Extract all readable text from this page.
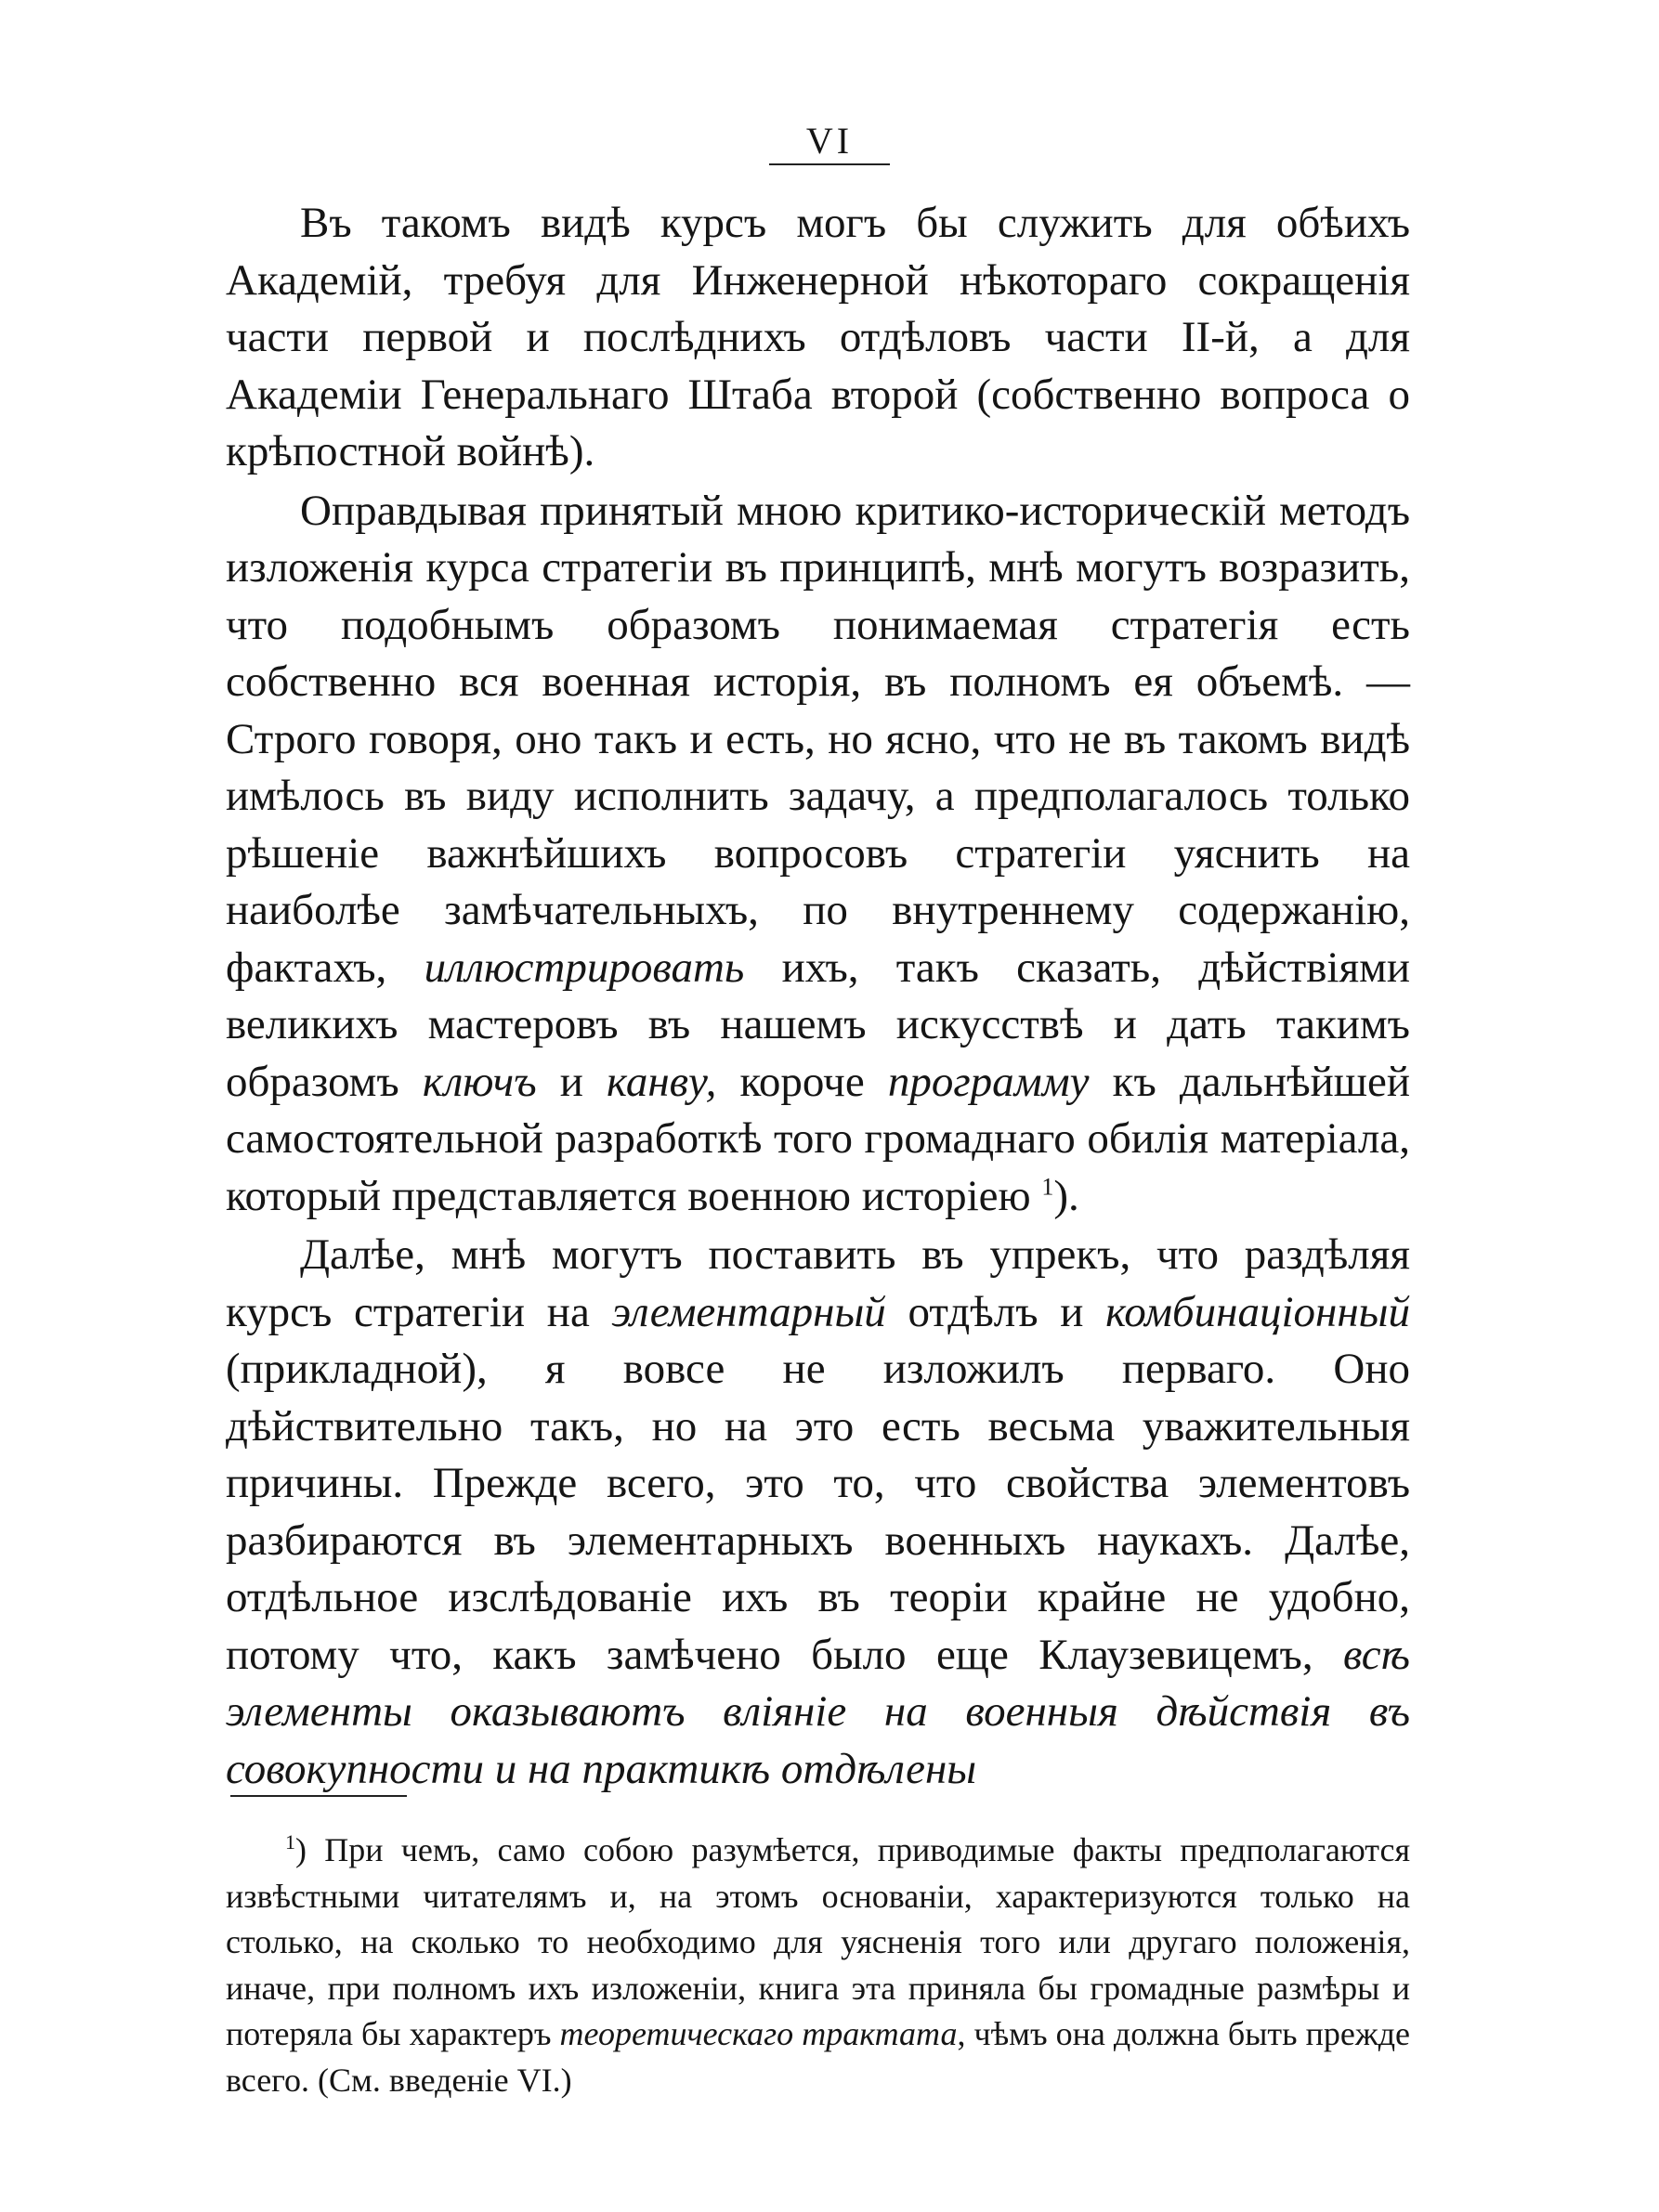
VI

Въ такомъ видѣ курсъ могъ бы служить для обѣихъ Академій, требуя для Инженерной нѣкотораго сокращенія части первой и послѣднихъ отдѣловъ части II-й, а для Академіи Генеральнаго Штаба второй (собственно вопроса о крѣпостной войнѣ).

Оправдывая принятый мною критико-историческій методъ изложенія курса стратегіи въ принципѣ, мнѣ могутъ возразить, что подобнымъ образомъ понимаемая стратегія есть собственно вся военная исторія, въ полномъ ея объемѣ. — Строго говоря, оно такъ и есть, но ясно, что не въ такомъ видѣ имѣлось въ виду исполнить задачу, а предполагалось только рѣшеніе важнѣйшихъ вопросовъ стратегіи уяснить на наиболѣе замѣчательныхъ, по внутреннему содержанію, фактахъ, иллюстрировать ихъ, такъ сказать, дѣйствіями великихъ мастеровъ въ нашемъ искусствѣ и дать такимъ образомъ ключъ и канву, короче программу къ дальнѣйшей самостоятельной разработкѣ того громаднаго обилія матеріала, который представляется военною исторіею $^1$).

Далѣе, мнѣ могутъ поставить въ упрекъ, что раздѣляя курсъ стратегіи на элементарный отдѣлъ и комбинаціонный (прикладной), я вовсе не изложилъ перваго. Оно дѣйствительно такъ, но на это есть весьма уважительныя причины. Прежде всего, это то, что свойства элементовъ разбираются въ элементарныхъ военныхъ наукахъ. Далѣе, отдѣльное изслѣдованіе ихъ въ теоріи крайне не удобно, потому что, какъ замѣчено было еще Клаузевицемъ, всѣ элементы оказываютъ вліяніе на военныя дѣйствія въ совокупности и на практикѣ отдѣлены

$^1$) При чемъ, само собою разумѣется, приводимые факты предполагаются извѣстными читателямъ и, на этомъ основаніи, характеризуются только на столько, на сколько то необходимо для уясненія того или другаго положенія, иначе, при полномъ ихъ изложеніи, книга эта приняла бы громадные размѣры и потеряла бы характеръ теоретическаго трактата, чѣмъ она должна быть прежде всего. (См. введеніе VI.)
